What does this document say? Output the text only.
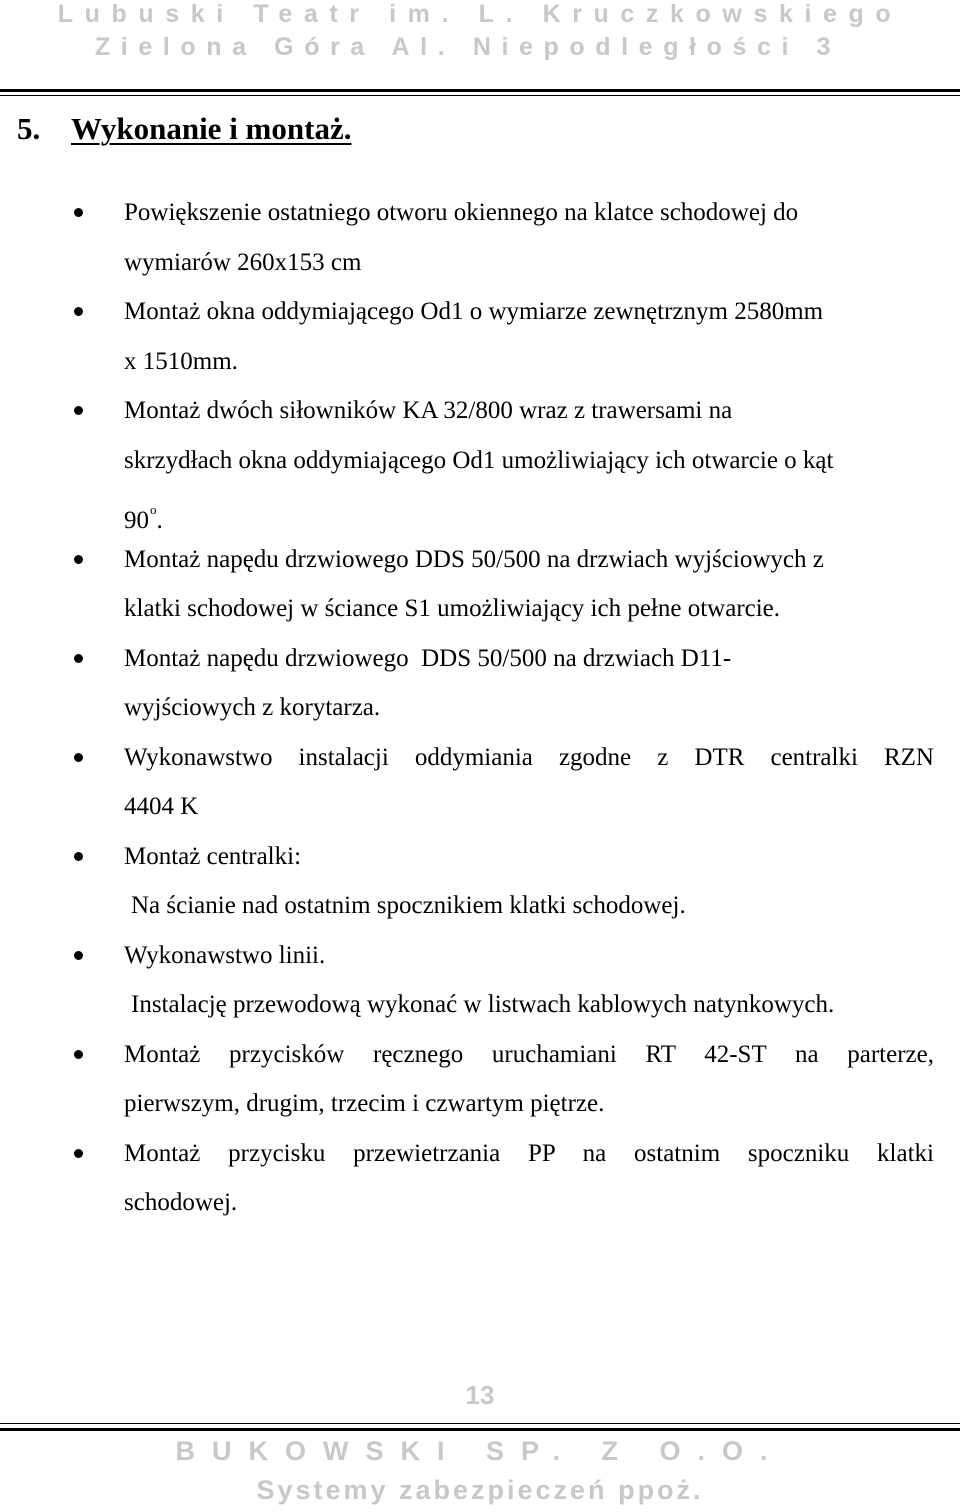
Lubuski Teatr im. L. Kruczkowskiego
Zielona Góra Al. Niepodległości 3
5. Wykonanie i montaż.
Powiększenie ostatniego otworu okiennego na klatce schodowej do
wymiarów 260x153 cm
Montaż okna oddymiającego Od1 o wymiarze zewnętrznym 2580mm
x 1510mm.
Montaż dwóch siłowników KA 32/800 wraz z trawersami na
skrzydłach okna oddymiającego Od1 umożliwiający ich otwarcie o kąt
90$^o$.
Montaż napędu drzwiowego DDS 50/500 na drzwiach wyjściowych z
klatki schodowej w ściance S1 umożliwiający ich pełne otwarcie.
Montaż napędu drzwiowego  DDS 50/500 na drzwiach D11-
wyjściowych z korytarza.
Wykonawstwo instalacji oddymiania zgodne z DTR centralki RZN
4404 K
Montaż centralki:
Na ścianie nad ostatnim spocznikiem klatki schodowej.
Wykonawstwo linii.
Instalację przewodową wykonać w listwach kablowych natynkowych.
Montaż przycisków ręcznego uruchamiani RT 42-ST na parterze,
pierwszym, drugim, trzecim i czwartym piętrze.
Montaż przycisku przewietrzania PP na ostatnim spoczniku klatki
schodowej.
13
BUKOWSKI SP. Z O.O.
Systemy zabezpieczeń ppoż.
